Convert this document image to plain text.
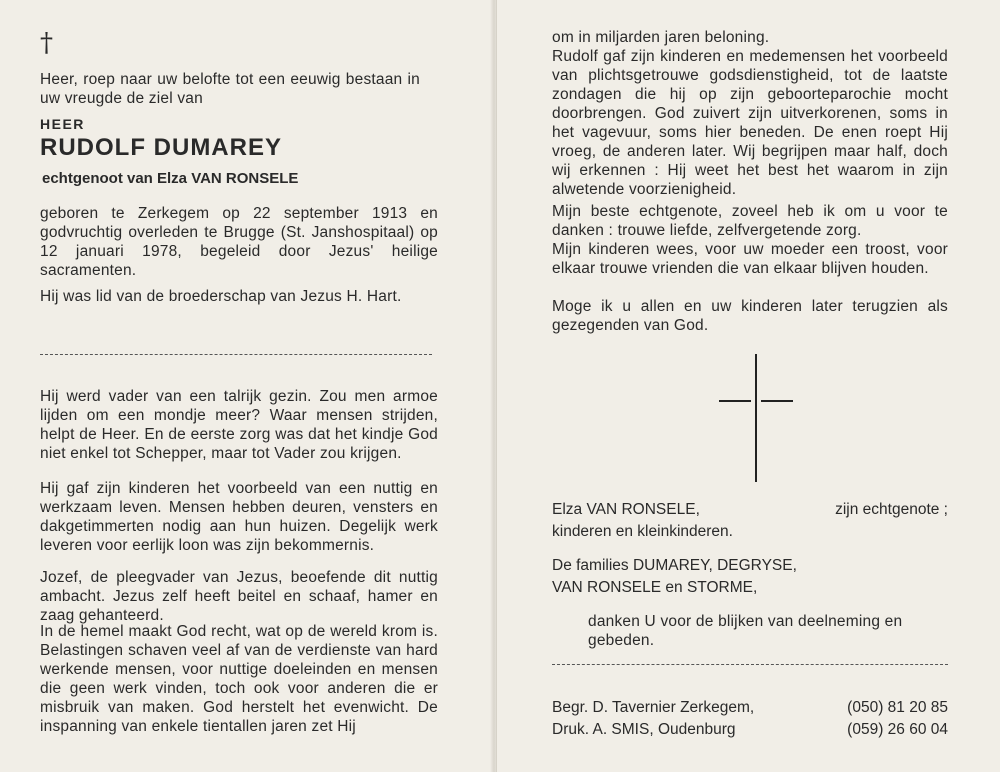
†
Heer, roep naar uw belofte tot een eeuwig bestaan in uw vreugde de ziel van
HEER
RUDOLF DUMAREY
echtgenoot van Elza VAN RONSELE
geboren te Zerkegem op 22 september 1913 en godvruchtig overleden te Brugge (St. Janshospitaal) op 12 januari 1978, begeleid door Jezus' heilige sacramenten.
Hij was lid van de broederschap van Jezus H. Hart.
Hij werd vader van een talrijk gezin. Zou men armoe lijden om een mondje meer? Waar mensen strijden, helpt de Heer. En de eerste zorg was dat het kindje God niet enkel tot Schepper, maar tot Vader zou krijgen.
Hij gaf zijn kinderen het voorbeeld van een nuttig en werkzaam leven. Mensen hebben deuren, vensters en dakgetimmerten nodig aan hun huizen. Degelijk werk leveren voor eerlijk loon was zijn bekommernis.
Jozef, de pleegvader van Jezus, beoefende dit nuttig ambacht. Jezus zelf heeft beitel en schaaf, hamer en zaag gehanteerd.
In de hemel maakt God recht, wat op de wereld krom is. Belastingen schaven veel af van de verdienste van hard werkende mensen, voor nuttige doeleinden en mensen die geen werk vinden, toch ook voor anderen die er misbruik van maken. God herstelt het evenwicht. De inspanning van enkele tientallen jaren zet Hij
om in miljarden jaren beloning.
Rudolf gaf zijn kinderen en medemensen het voorbeeld van plichtsgetrouwe godsdienstigheid, tot de laatste zondagen die hij op zijn geboorteparochie mocht doorbrengen. God zuivert zijn uitverkorenen, soms in het vagevuur, soms hier beneden. De enen roept Hij vroeg, de anderen later. Wij begrijpen maar half, doch wij erkennen : Hij weet het best het waarom in zijn alwetende voorzienigheid.
Mijn beste echtgenote, zoveel heb ik om u voor te danken : trouwe liefde, zelfvergetende zorg.
Mijn kinderen wees, voor uw moeder een troost, voor elkaar trouwe vrienden die van elkaar blijven houden.
Moge ik u allen en uw kinderen later terugzien als gezegenden van God.
Elza VAN RONSELE,	zijn echtgenote ;
kinderen en kleinkinderen.
De families DUMAREY, DEGRYSE,
VAN RONSELE en STORME,
danken U voor de blijken van deelneming en gebeden.
Begr. D. Tavernier Zerkegem,	(050) 81 20 85
Druk. A. SMIS, Oudenburg	(059) 26 60 04
